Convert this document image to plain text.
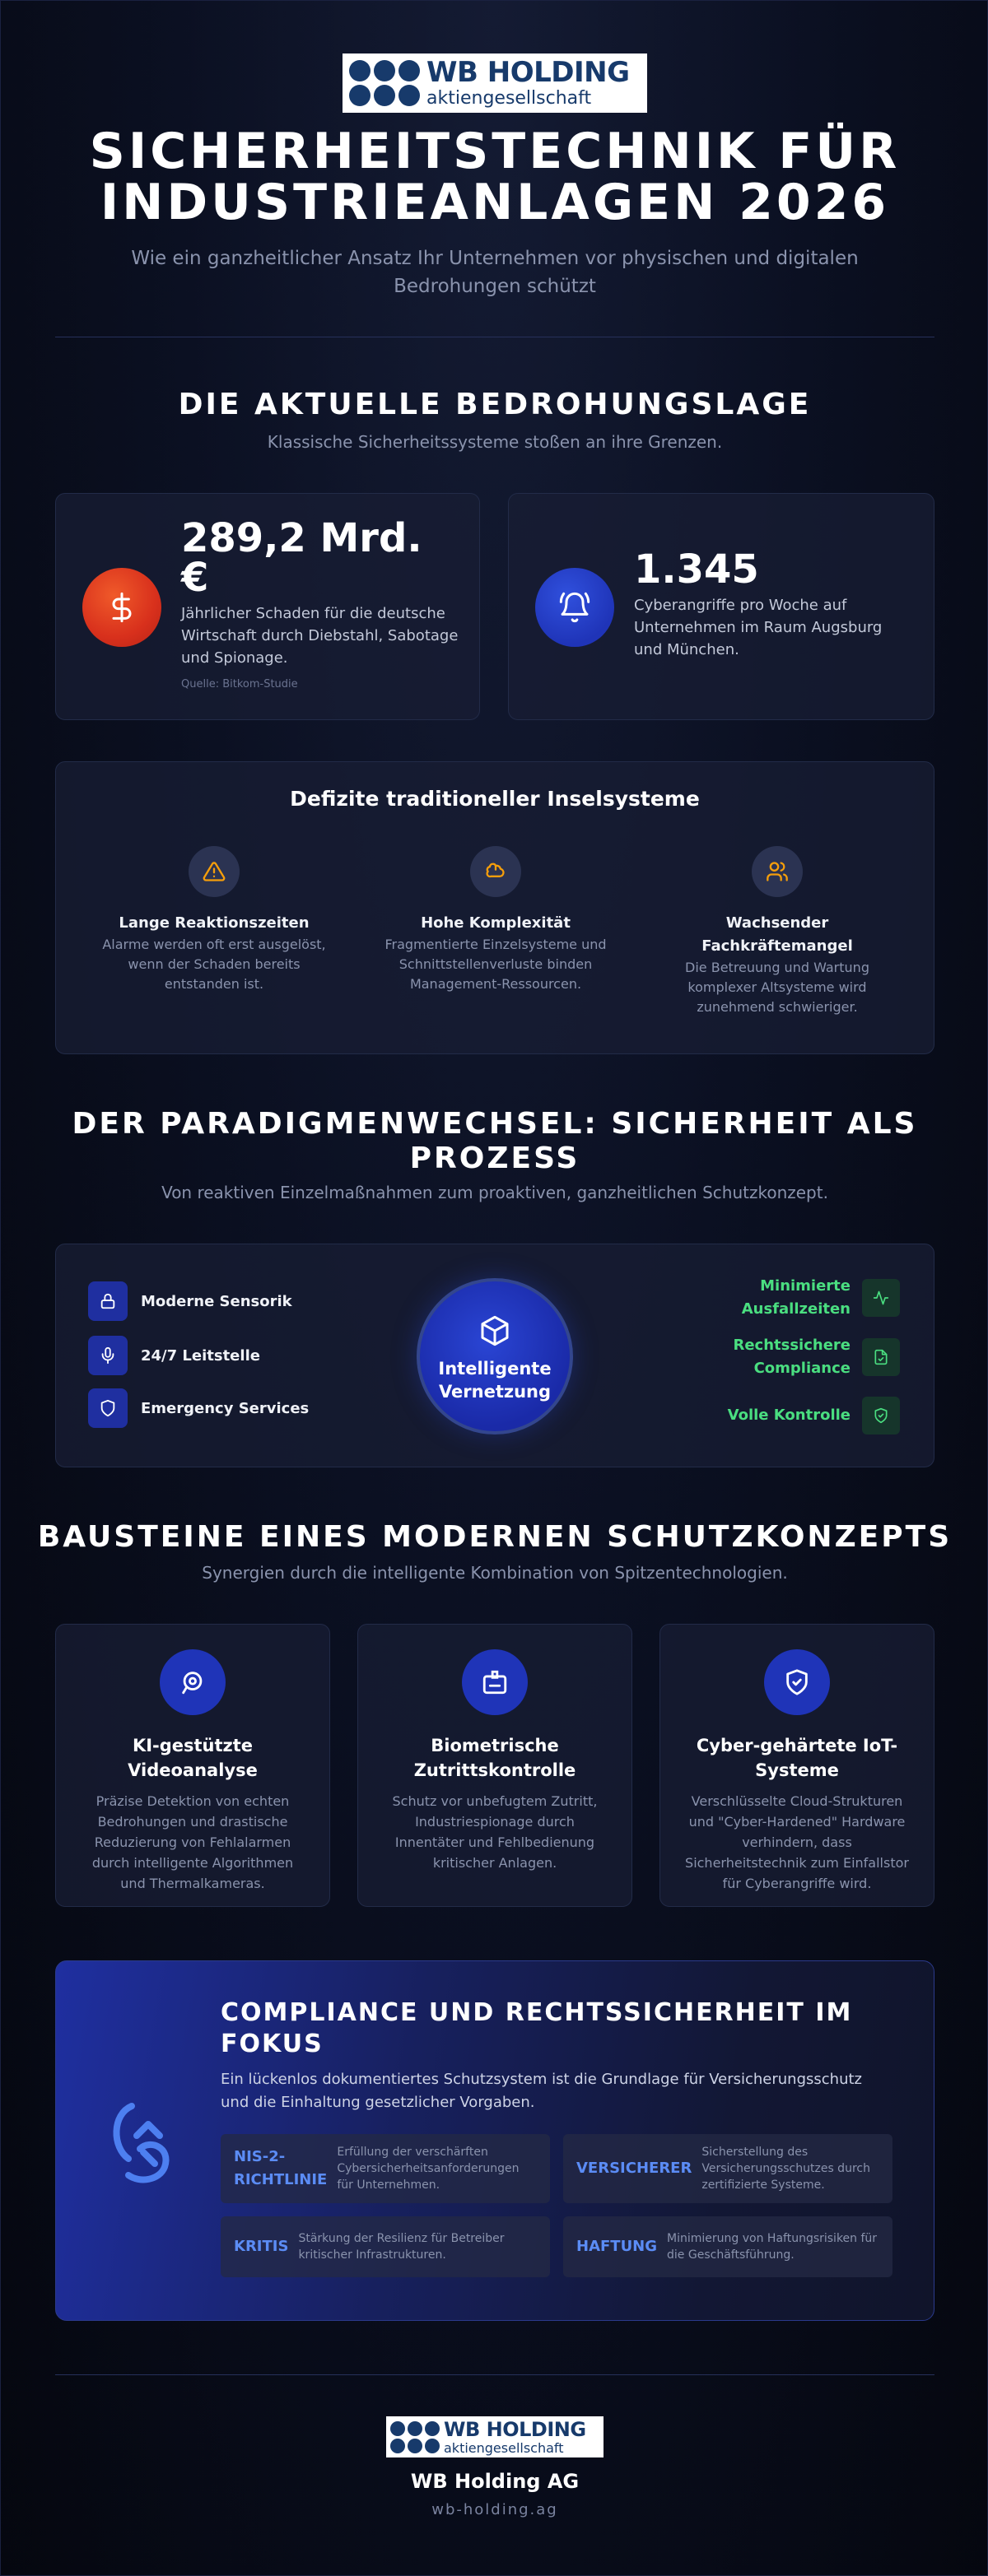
WB HOLDING
aktiengesellschaft
SICHERHEITSTECHNIK FÜR
INDUSTRIEANLAGEN 2026
Wie ein ganzheitlicher Ansatz Ihr Unternehmen vor physischen und digitalen Bedrohungen schützt
DIE AKTUELLE BEDROHUNGSLAGE
Klassische Sicherheitssysteme stoßen an ihre Grenzen.
289,2 Mrd. €
Jährlicher Schaden für die deutsche Wirtschaft durch Diebstahl, Sabotage und Spionage.
Quelle: Bitkom-Studie
1.345
Cyberangriffe pro Woche auf Unternehmen im Raum Augsburg und München.
Defizite traditioneller Inselsysteme
Lange Reaktionszeiten
Alarme werden oft erst ausgelöst, wenn der Schaden bereits entstanden ist.
Hohe Komplexität
Fragmentierte Einzelsysteme und Schnittstellenverluste binden Management-Ressourcen.
Wachsender Fachkräftemangel
Die Betreuung und Wartung komplexer Altsysteme wird zunehmend schwieriger.
DER PARADIGMENWECHSEL: SICHERHEIT ALS
PROZESS
Von reaktiven Einzelmaßnahmen zum proaktiven, ganzheitlichen Schutzkonzept.
Moderne Sensorik
24/7 Leitstelle
Emergency Services
Intelligente
Vernetzung
Minimierte
Ausfallzeiten
Rechtssichere
Compliance
Volle Kontrolle
BAUSTEINE EINES MODERNEN SCHUTZKONZEPTS
Synergien durch die intelligente Kombination von Spitzentechnologien.
KI-gestützte
Videoanalyse
Präzise Detektion von echten Bedrohungen und drastische Reduzierung von Fehlalarmen durch intelligente Algorithmen und Thermalkameras.
Biometrische
Zutrittskontrolle
Schutz vor unbefugtem Zutritt, Industriespionage durch Innentäter und Fehlbedienung kritischer Anlagen.
Cyber-gehärtete IoT-
Systeme
Verschlüsselte Cloud-Strukturen und "Cyber-Hardened" Hardware verhindern, dass Sicherheitstechnik zum Einfallstor für Cyberangriffe wird.
COMPLIANCE UND RECHTSSICHERHEIT IM
FOKUS
Ein lückenlos dokumentiertes Schutzsystem ist die Grundlage für Versicherungsschutz und die Einhaltung gesetzlicher Vorgaben.
NIS-2-
RICHTLINIE
Erfüllung der verschärften Cybersicherheitsanforderungen für Unternehmen.
VERSICHERER
Sicherstellung des Versicherungsschutzes durch zertifizierte Systeme.
KRITIS Stärkung der Resilienz für Betreiber kritischer Infrastrukturen.	HAFTUNG Minimierung von Haftungsrisiken für die Geschäftsführung.
WB HOLDING
aktiengesellschaft
WB Holding AG
wb-holding.ag
